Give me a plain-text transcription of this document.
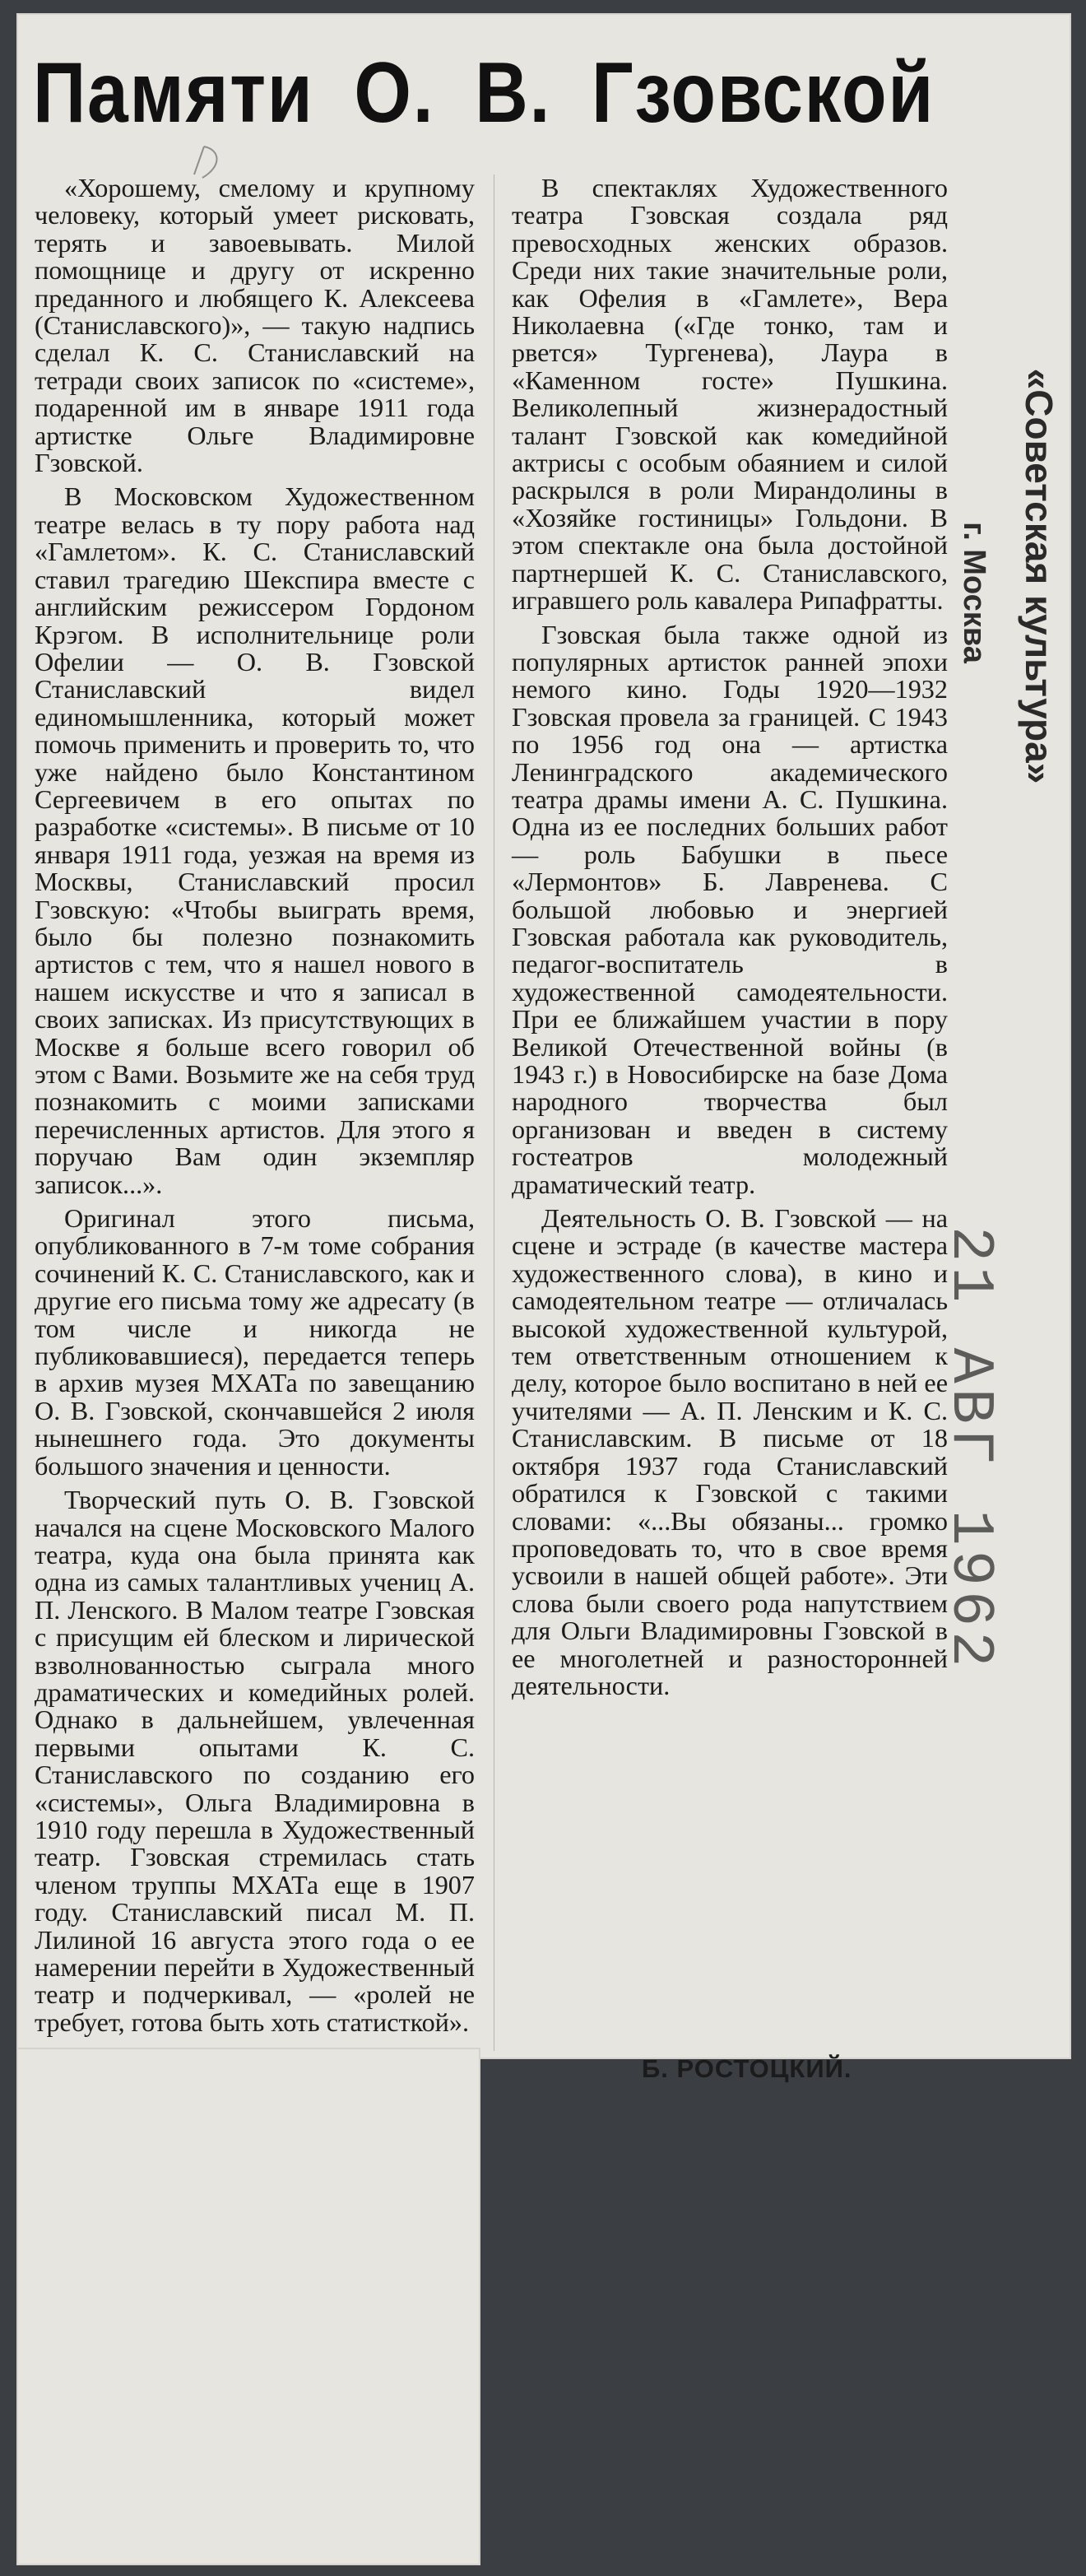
Памяти О. В. Гзовской

«Хорошему, смелому и крупному человеку, который умеет рисковать, терять и завоевывать. Милой помощнице и другу от искренно преданного и любящего К. Алексеева (Станиславского)», — такую надпись сделал К. С. Станиславский на тетради своих записок по «системе», подаренной им в январе 1911 года артистке Ольге Владимировне Гзовской.

В Московском Художественном театре велась в ту пору работа над «Гамлетом». К. С. Станиславский ставил трагедию Шекспира вместе с английским режиссером Гордоном Крэгом. В исполнительнице роли Офелии — О. В. Гзовской Станиславский видел единомышленника, который может помочь применить и проверить то, что уже найдено было Константином Сергеевичем в его опытах по разработке «системы». В письме от 10 января 1911 года, уезжая на время из Москвы, Станиславский просил Гзовскую: «Чтобы выиграть время, было бы полезно познакомить артистов с тем, что я нашел нового в нашем искусстве и что я записал в своих записках. Из присутствующих в Москве я больше всего говорил об этом с Вами. Возьмите же на себя труд познакомить с моими записками перечисленных артистов. Для этого я поручаю Вам один экземпляр записок...».

Оригинал этого письма, опубликованного в 7-м томе собрания сочинений К. С. Станиславского, как и другие его письма тому же адресату (в том числе и никогда не публиковавшиеся), передается теперь в архив музея МХАТа по завещанию О. В. Гзовской, скончавшейся 2 июля нынешнего года. Это документы большого значения и ценности.

Творческий путь О. В. Гзовской начался на сцене Московского Малого театра, куда она была принята как одна из самых талантливых учениц А. П. Ленского. В Малом театре Гзовская с присущим ей блеском и лирической взволнованностью сыграла много драматических и комедийных ролей. Однако в дальнейшем, увлеченная первыми опытами К. С. Станиславского по созданию его «системы», Ольга Владимировна в 1910 году перешла в Художественный театр. Гзовская стремилась стать членом труппы МХАТа еще в 1907 году. Станиславский писал М. П. Лилиной 16 августа этого года о ее намерении перейти в Художественный театр и подчеркивал, — «ролей не требует, готова быть хоть статисткой».

В спектаклях Художественного театра Гзовская создала ряд превосходных женских образов. Среди них такие значительные роли, как Офелия в «Гамлете», Вера Николаевна («Где тонко, там и рвется» Тургенева), Лаура в «Каменном госте» Пушкина. Великолепный жизнерадостный талант Гзовской как комедийной актрисы с особым обаянием и силой раскрылся в роли Мирандолины в «Хозяйке гостиницы» Гольдони. В этом спектакле она была достойной партнершей К. С. Станиславского, игравшего роль кавалера Рипафратты.

Гзовская была также одной из популярных артисток ранней эпохи немого кино. Годы 1920—1932 Гзовская провела за границей. С 1943 по 1956 год она — артистка Ленинградского академического театра драмы имени А. С. Пушкина. Одна из ее последних больших работ — роль Бабушки в пьесе «Лермонтов» Б. Лавренева. С большой любовью и энергией Гзовская работала как руководитель, педагог-воспитатель в художественной самодеятельности. При ее ближайшем участии в пору Великой Отечественной войны (в 1943 г.) в Новосибирске на базе Дома народного творчества был организован и введен в систему гостеатров молодежный драматический театр.

Деятельность О. В. Гзовской — на сцене и эстраде (в качестве мастера художественного слова), в кино и самодеятельном театре — отличалась высокой художественной культурой, тем ответственным отношением к делу, которое было воспитано в ней ее учителями — А. П. Ленским и К. С. Станиславским. В письме от 18 октября 1937 года Станиславский обратился к Гзовской с такими словами: «...Вы обязаны... громко проповедовать то, что в свое время усвоили в нашей общей работе». Эти слова были своего рода напутствием для Ольги Владимировны Гзовской в ее многолетней и разносторонней деятельности.

Б. РОСТОЦКИЙ.

«Советская культура»
г. Москва
21 АВГ 1962
